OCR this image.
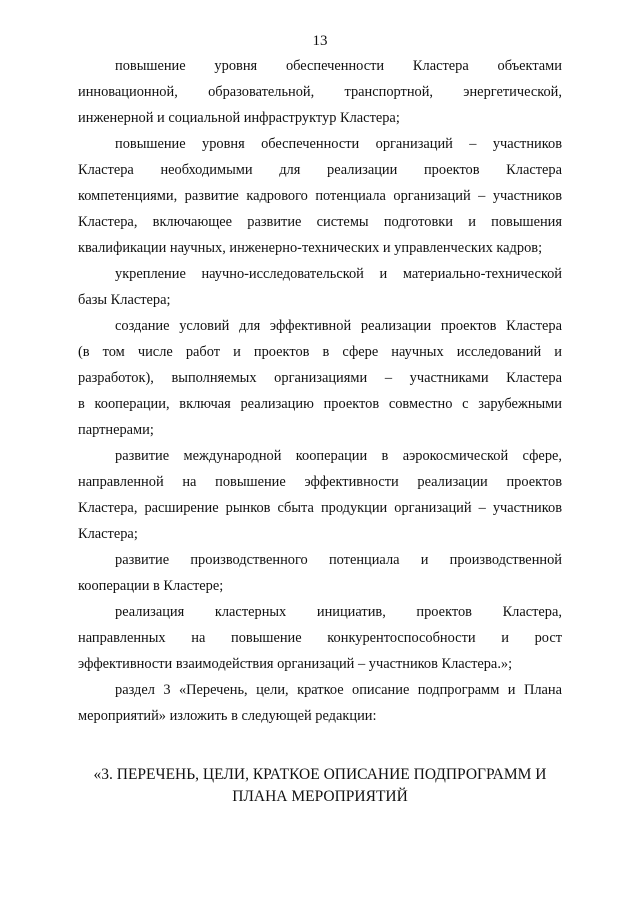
13
повышение уровня обеспеченности Кластера объектами
инновационной, образовательной, транспортной, энергетической,
инженерной и социальной инфраструктур Кластера;
повышение уровня обеспеченности организаций – участников
Кластера необходимыми для реализации проектов Кластера
компетенциями, развитие кадрового потенциала организаций – участников
Кластера, включающее развитие системы подготовки и повышения
квалификации научных, инженерно-технических и управленческих кадров;
укрепление научно-исследовательской и материально-технической
базы Кластера;
создание условий для эффективной реализации проектов Кластера
(в том числе работ и проектов в сфере научных исследований и
разработок), выполняемых организациями – участниками Кластера
в кооперации, включая реализацию проектов совместно с зарубежными
партнерами;
развитие международной кооперации в аэрокосмической сфере,
направленной на повышение эффективности реализации проектов
Кластера, расширение рынков сбыта продукции организаций – участников
Кластера;
развитие производственного потенциала и производственной
кооперации в Кластере;
реализация кластерных инициатив, проектов Кластера,
направленных на повышение конкурентоспособности и рост
эффективности взаимодействия организаций – участников Кластера.»;
раздел 3 «Перечень, цели, краткое описание подпрограмм и Плана
мероприятий» изложить в следующей редакции:
«3. ПЕРЕЧЕНЬ, ЦЕЛИ, КРАТКОЕ ОПИСАНИЕ ПОДПРОГРАММ И
ПЛАНА МЕРОПРИЯТИЙ
